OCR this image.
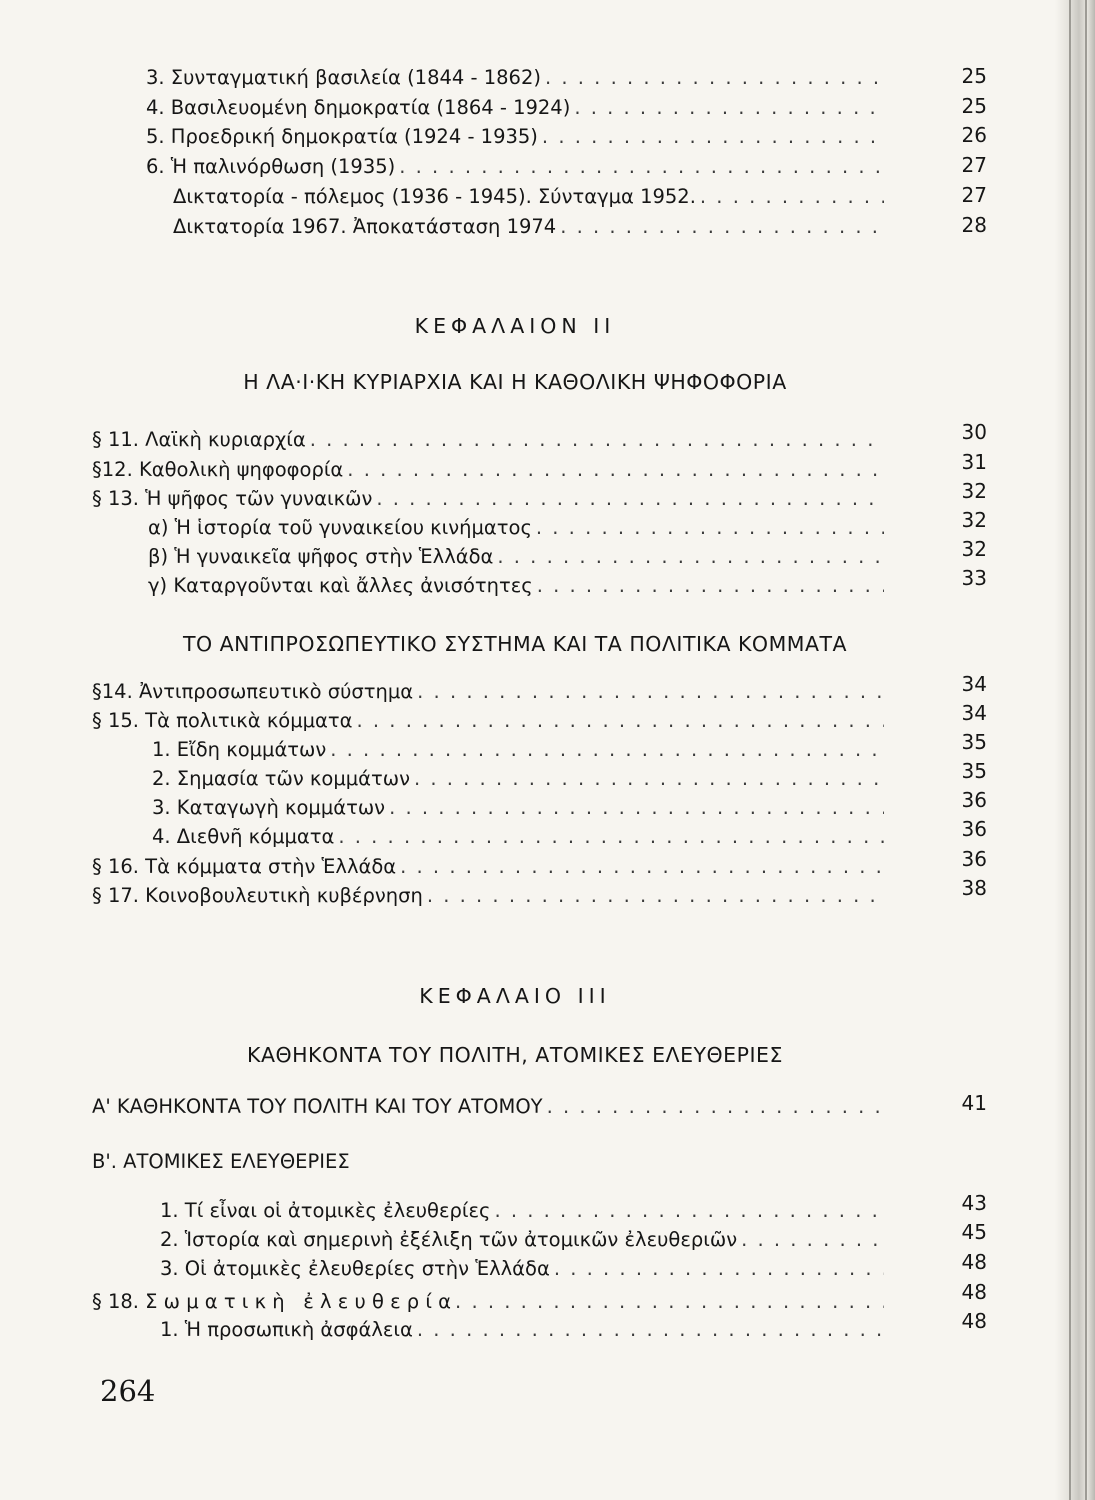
3. Συνταγματική βασιλεία (1844 - 1862) . . .	25
4. Βασιλευομένη δημοκρατία (1864 - 1924) . . .	25
5. Προεδρική δημοκρατία (1924 - 1935) . . .	26
6. Ἡ παλινόρθωση (1935) . . .	27
Δικτατορία - πόλεμος (1936 - 1945). Σύνταγμα 1952. . . .	27
Δικτατορία 1967. Ἀποκατάσταση 1974 . . .	28
ΚΕΦΑΛΑΙΟΝ ΙΙ
Η ΛΑ·Ι·ΚΗ ΚΥΡΙΑΡΧΙΑ ΚΑΙ Η ΚΑΘΟΛΙΚΗ ΨΗΦΟΦΟΡΙΑ
§ 11. Λαϊκὴ κυριαρχία . . .	30
§12. Καθολικὴ ψηφοφορία . . .	31
§ 13. Ἡ ψῆφος τῶν γυναικῶν . . .	32
α) Ἡ ἱστορία τοῦ γυναικείου κινήματος . . .	32
β) Ἡ γυναικεῖα ψῆφος στὴν Ἑλλάδα . . .	32
γ) Καταργοῦνται καὶ ἄλλες ἀνισότητες . . .	33
ΤΟ ΑΝΤΙΠΡΟΣΩΠΕΥΤΙΚΟ ΣΥΣΤΗΜΑ ΚΑΙ ΤΑ ΠΟΛΙΤΙΚΑ ΚΟΜΜΑΤΑ
§14. Ἀντιπροσωπευτικὸ σύστημα . . .	34
§ 15. Τὰ πολιτικὰ κόμματα . . .	34
1. Εἴδη κομμάτων . . .	35
2. Σημασία τῶν κομμάτων . . .	35
3. Καταγωγὴ κομμάτων . . .	36
4. Διεθνῆ κόμματα . . .	36
§ 16. Τὰ κόμματα στὴν Ἑλλάδα . . .	36
§ 17. Κοινοβουλευτικὴ κυβέρνηση . . .	38
ΚΕΦΑΛΑΙΟ ΙΙΙ
ΚΑΘΗΚΟΝΤΑ ΤΟΥ ΠΟΛΙΤΗ, ΑΤΟΜΙΚΕΣ ΕΛΕΥΘΕΡΙΕΣ
Α' ΚΑΘΗΚΟΝΤΑ ΤΟΥ ΠΟΛΙΤΗ ΚΑΙ ΤΟΥ ΑΤΟΜΟΥ . . .	41
Β'. ΑΤΟΜΙΚΕΣ ΕΛΕΥΘΕΡΙΕΣ
1. Τί εἶναι οἱ ἀτομικὲς ἐλευθερίες . . .	43
2. Ἱστορία καὶ σημερινὴ ἐξέλιξη τῶν ἀτομικῶν ἐλευθεριῶν . . .	45
3. Οἱ ἀτομικὲς ἐλευθερίες στὴν Ἑλλάδα . . .	48
§ 18. Σ ω μ α τ ι κ ὴ   ἐ λ ε υ θ ε ρ ί α . . .	48
1. Ἡ προσωπικὴ ἀσφάλεια . . .	48
264
